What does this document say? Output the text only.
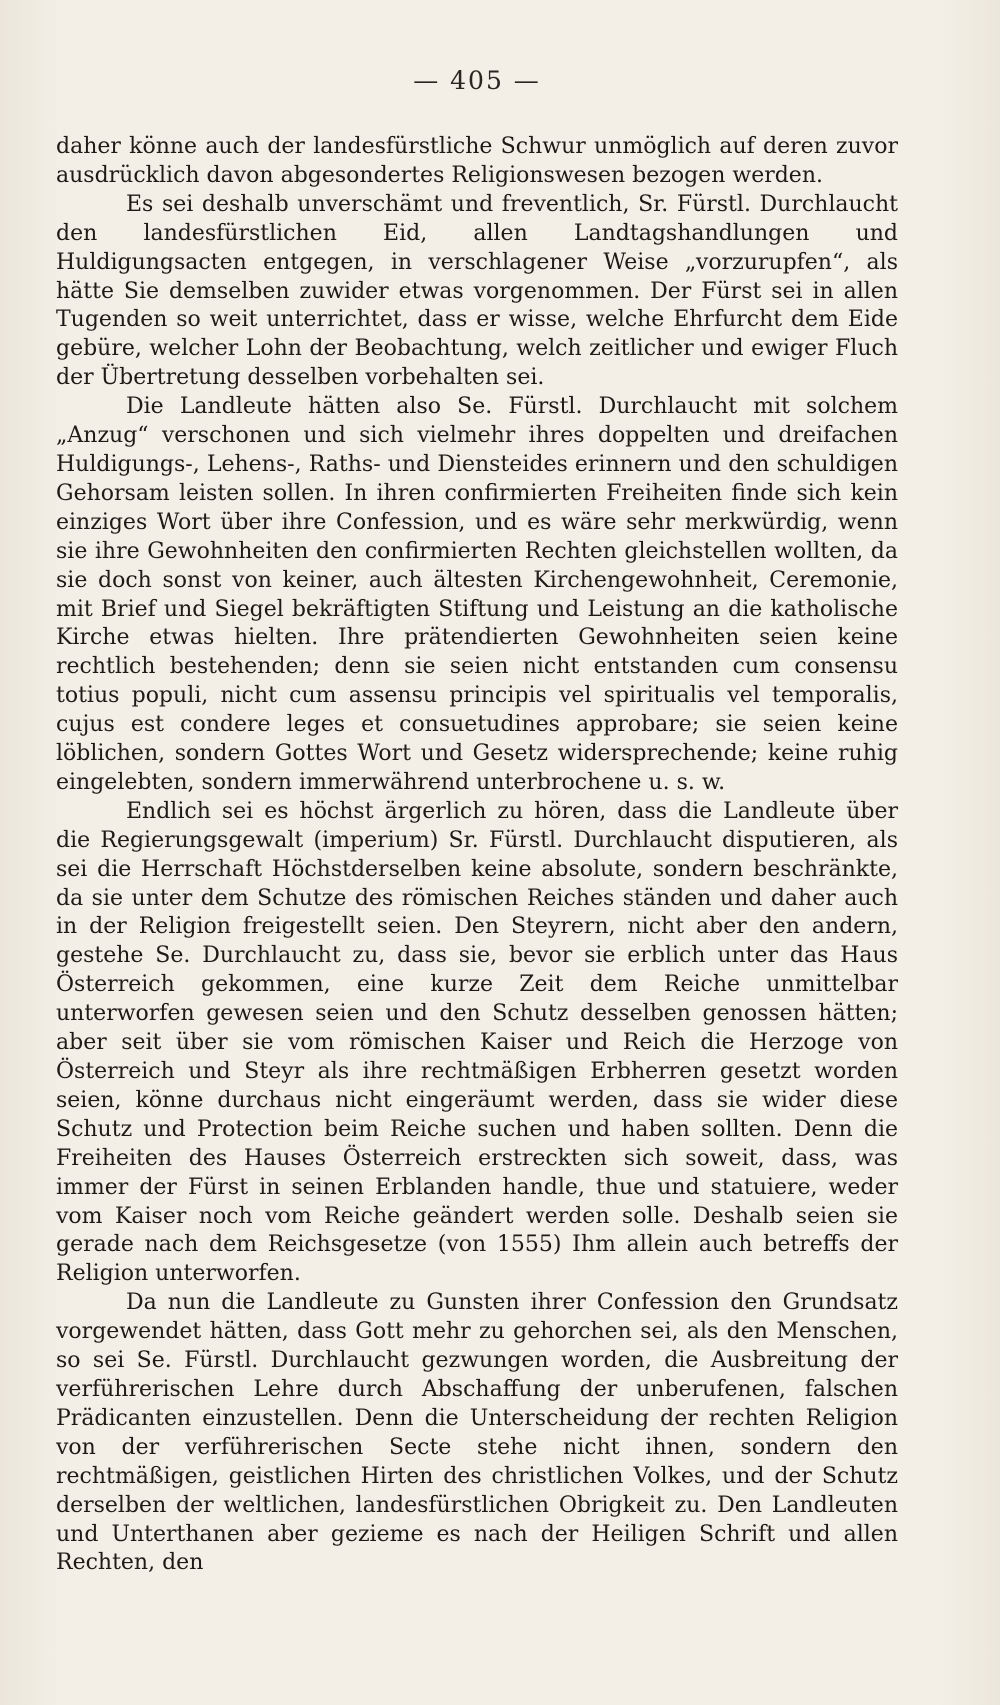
— 405 —

daher könne auch der landesfürstliche Schwur unmöglich auf deren zuvor ausdrücklich davon abgesondertes Religionswesen bezogen werden.

Es sei deshalb unverschämt und freventlich, Sr. Fürstl. Durchlaucht den landesfürstlichen Eid, allen Landtagshandlungen und Huldigungsacten entgegen, in verschlagener Weise „vorzurupfen“, als hätte Sie demselben zuwider etwas vorgenommen. Der Fürst sei in allen Tugenden so weit unterrichtet, dass er wisse, welche Ehrfurcht dem Eide gebüre, welcher Lohn der Beobachtung, welch zeitlicher und ewiger Fluch der Übertretung desselben vorbehalten sei.

Die Landleute hätten also Se. Fürstl. Durchlaucht mit solchem „Anzug“ verschonen und sich vielmehr ihres doppelten und dreifachen Huldigungs-, Lehens-, Raths- und Diensteides erinnern und den schuldigen Gehorsam leisten sollen. In ihren confirmierten Freiheiten finde sich kein einziges Wort über ihre Confession, und es wäre sehr merkwürdig, wenn sie ihre Gewohnheiten den confirmierten Rechten gleichstellen wollten, da sie doch sonst von keiner, auch ältesten Kirchengewohnheit, Ceremonie, mit Brief und Siegel bekräftigten Stiftung und Leistung an die katholische Kirche etwas hielten. Ihre prätendierten Gewohnheiten seien keine rechtlich bestehenden; denn sie seien nicht entstanden cum consensu totius populi, nicht cum assensu principis vel spiritualis vel temporalis, cujus est condere leges et consuetudines approbare; sie seien keine löblichen, sondern Gottes Wort und Gesetz widersprechende; keine ruhig eingelebten, sondern immerwährend unterbrochene u. s. w.

Endlich sei es höchst ärgerlich zu hören, dass die Landleute über die Regierungsgewalt (imperium) Sr. Fürstl. Durchlaucht disputieren, als sei die Herrschaft Höchstderselben keine absolute, sondern beschränkte, da sie unter dem Schutze des römischen Reiches ständen und daher auch in der Religion freigestellt seien. Den Steyrern, nicht aber den andern, gestehe Se. Durchlaucht zu, dass sie, bevor sie erblich unter das Haus Österreich gekommen, eine kurze Zeit dem Reiche unmittelbar unterworfen gewesen seien und den Schutz desselben genossen hätten; aber seit über sie vom römischen Kaiser und Reich die Herzoge von Österreich und Steyr als ihre rechtmäßigen Erbherren gesetzt worden seien, könne durchaus nicht eingeräumt werden, dass sie wider diese Schutz und Protection beim Reiche suchen und haben sollten. Denn die Freiheiten des Hauses Österreich erstreckten sich soweit, dass, was immer der Fürst in seinen Erblanden handle, thue und statuiere, weder vom Kaiser noch vom Reiche geändert werden solle. Deshalb seien sie gerade nach dem Reichsgesetze (von 1555) Ihm allein auch betreffs der Religion unterworfen.

Da nun die Landleute zu Gunsten ihrer Confession den Grundsatz vorgewendet hätten, dass Gott mehr zu gehorchen sei, als den Menschen, so sei Se. Fürstl. Durchlaucht gezwungen worden, die Ausbreitung der verführerischen Lehre durch Abschaffung der unberufenen, falschen Prädicanten einzustellen. Denn die Unterscheidung der rechten Religion von der verführerischen Secte stehe nicht ihnen, sondern den rechtmäßigen, geistlichen Hirten des christlichen Volkes, und der Schutz derselben der weltlichen, landesfürstlichen Obrigkeit zu. Den Landleuten und Unterthanen aber gezieme es nach der Heiligen Schrift und allen Rechten, den
